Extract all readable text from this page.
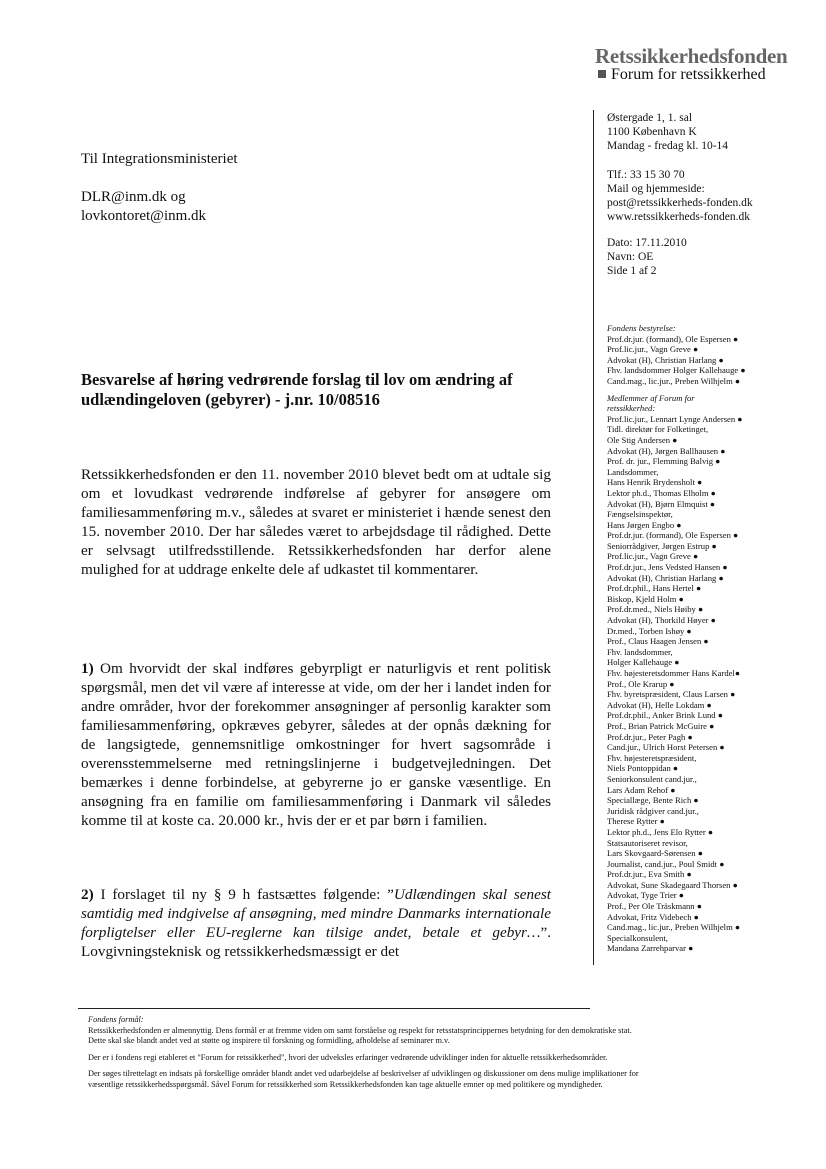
Retssikkerhedsfonden
Forum for retssikkerhed
Østergade 1, 1. sal
1100 København K
Mandag - fredag kl. 10-14
Tlf.: 33 15 30 70
Mail og hjemmeside:
post@retssikkerheds-fonden.dk
www.retssikkerheds-fonden.dk
Dato: 17.11.2010
Navn: OE
Side 1 af 2
Fondens bestyrelse:
Prof.dr.jur. (formand), Ole Espersen ●
Prof.lic.jur., Vagn Greve ●
Advokat (H), Christian Harlang ●
Fhv. landsdommer Holger Kallehauge ●
Cand.mag., lic.jur., Preben Wilhjelm ●
Medlemmer af Forum for
retssikkerhed:
Prof.lic.jur., Lennart Lynge Andersen ●
Tidl. direktør for Folketinget,
Ole Stig Andersen ●
Advokat (H), Jørgen Ballhausen ●
Prof. dr. jur., Flemming Balvig ●
Landsdommer,
Hans Henrik Brydensholt ●
Lektor ph.d., Thomas Elholm ●
Advokat (H), Bjørn Elmquist ●
Fængselsinspektør,
Hans Jørgen Engbo ●
Prof.dr.jur. (formand), Ole Espersen ●
Seniorrådgiver, Jørgen Estrup ●
Prof.lic.jur., Vagn Greve ●
Prof.dr.jur., Jens Vedsted Hansen ●
Advokat (H), Christian Harlang ●
Prof.dr.phil., Hans Hertel ●
Biskop, Kjeld Holm ●
Prof.dr.med., Niels Høiby ●
Advokat (H), Thorkild Høyer ●
Dr.med., Torben Ishøy ●
Prof., Claus Haagen Jensen ●
Fhv. landsdommer,
Holger Kallehauge ●
Fhv. højesteretsdommer Hans Kardel●
Prof., Ole Krarup ●
Fhv. byretspræsident, Claus Larsen ●
Advokat (H), Helle Lokdam ●
Prof.dr.phil., Anker Brink Lund ●
Prof., Brian Patrick McGuire ●
Prof.dr.jur., Peter Pagh ●
Cand.jur., Ulrich Horst Petersen ●
Fhv. højesteretspræsident,
Niels Pontoppidan ●
Seniorkonsulent cand.jur.,
Lars Adam Rehof ●
Speciallæge, Bente Rich ●
Juridisk rådgiver cand.jur.,
Therese Rytter ●
Lektor ph.d., Jens Elo Rytter ●
Statsautoriseret revisor,
Lars Skovgaard-Sørensen ●
Journalist, cand.jur., Poul Smidt ●
Prof.dr.jur., Eva Smith ●
Advokat, Sune Skadegaard Thorsen ●
Advokat, Tyge Trier ●
Prof., Per Ole Träskmann ●
Advokat, Fritz Videbech ●
Cand.mag., lic.jur., Preben Wilhjelm ●
Specialkonsulent,
Mandana Zarrehparvar ●
Til Integrationsministeriet
DLR@inm.dk og
lovkontoret@inm.dk
Besvarelse af høring vedrørende forslag til lov om ændring af udlændingeloven (gebyrer) - j.nr. 10/08516
Retssikkerhedsfonden er den 11. november 2010 blevet bedt om at udtale sig om et lovudkast vedrørende indførelse af gebyrer for ansøgere om familiesammenføring m.v., således at svaret er ministeriet i hænde senest den 15. november 2010. Der har således været to arbejdsdage til rådighed. Dette er selvsagt utilfredsstillende. Retssikkerhedsfonden har derfor alene mulighed for at uddrage enkelte dele af udkastet til kommentarer.
1) Om hvorvidt der skal indføres gebyrpligt er naturligvis et rent politisk spørgsmål, men det vil være af interesse at vide, om der her i landet inden for andre områder, hvor der forekommer ansøgninger af personlig karakter som familiesammenføring, opkræves gebyrer, således at der opnås dækning for de langsigtede, gennemsnitlige omkostninger for hvert sagsområde i overensstemmelserne med retningslinjerne i budgetvejledningen. Det bemærkes i denne forbindelse, at gebyrerne jo er ganske væsentlige. En ansøgning fra en familie om familiesammenføring i Danmark vil således komme til at koste ca. 20.000 kr., hvis der er et par børn i familien.
2) I forslaget til ny § 9 h fastsættes følgende: ”Udlændingen skal senest samtidig med indgivelse af ansøgning, med mindre Danmarks internationale forpligtelser eller EU-reglerne kan tilsige andet, betale et gebyr…”. Lovgivningsteknisk og retssikkerhedsmæssigt er det
Fondens formål:
Retssikkerhedsfonden er almennyttig. Dens formål er at fremme viden om samt forståelse og respekt for retsstatsprincippernes betydning for den demokratiske stat.
Dette skal ske blandt andet ved at støtte og inspirere til forskning og formidling, afholdelse af seminarer m.v.
Der er i fondens regi etableret et "Forum for retssikkerhed", hvori der udveksles erfaringer vedrørende udviklinger inden for aktuelle retssikkerhedsområder.
Der søges tilrettelagt en indsats på forskellige områder blandt andet ved udarbejdelse af beskrivelser af udviklingen og diskussioner om dens mulige implikationer for
væsentlige retssikkerhedsspørgsmål. Såvel Forum for retssikkerhed som Retssikkerhedsfonden kan tage aktuelle emner op med politikere og myndigheder.
